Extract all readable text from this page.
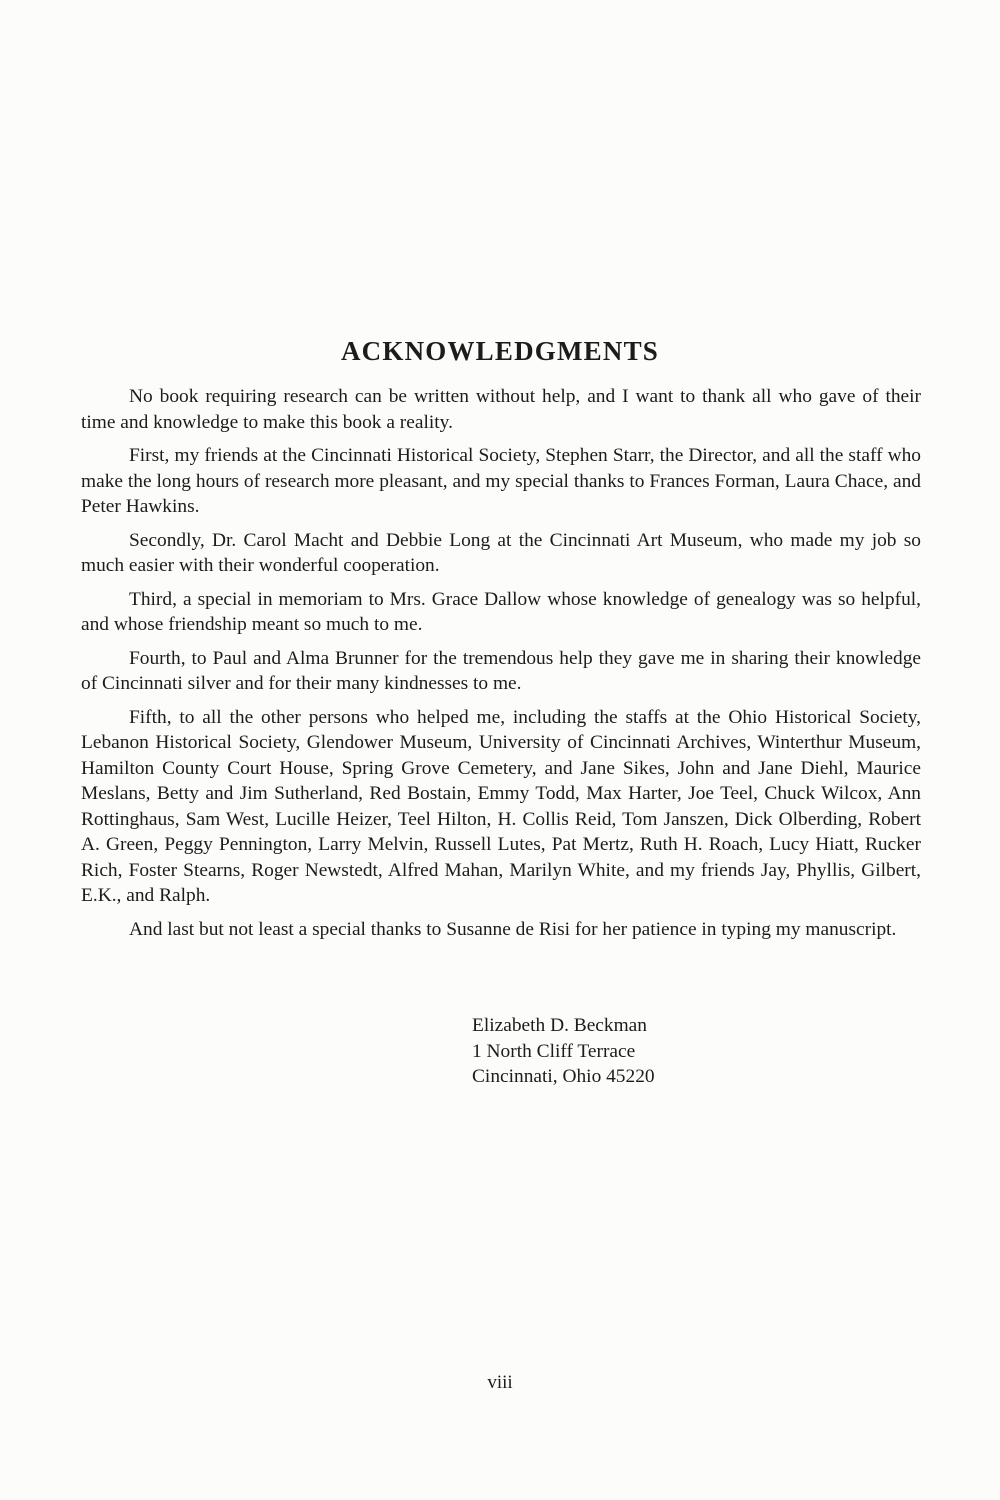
ACKNOWLEDGMENTS

No book requiring research can be written without help, and I want to thank all who gave of their time and knowledge to make this book a reality.

First, my friends at the Cincinnati Historical Society, Stephen Starr, the Director, and all the staff who make the long hours of research more pleasant, and my special thanks to Frances Forman, Laura Chace, and Peter Hawkins.

Secondly, Dr. Carol Macht and Debbie Long at the Cincinnati Art Museum, who made my job so much easier with their wonderful cooperation.

Third, a special in memoriam to Mrs. Grace Dallow whose knowledge of genealogy was so helpful, and whose friendship meant so much to me.

Fourth, to Paul and Alma Brunner for the tremendous help they gave me in sharing their knowledge of Cincinnati silver and for their many kindnesses to me.

Fifth, to all the other persons who helped me, including the staffs at the Ohio Historical Society, Lebanon Historical Society, Glendower Museum, University of Cincinnati Archives, Winterthur Museum, Hamilton County Court House, Spring Grove Cemetery, and Jane Sikes, John and Jane Diehl, Maurice Meslans, Betty and Jim Sutherland, Red Bostain, Emmy Todd, Max Harter, Joe Teel, Chuck Wilcox, Ann Rottinghaus, Sam West, Lucille Heizer, Teel Hilton, H. Collis Reid, Tom Janszen, Dick Olberding, Robert A. Green, Peggy Pennington, Larry Melvin, Russell Lutes, Pat Mertz, Ruth H. Roach, Lucy Hiatt, Rucker Rich, Foster Stearns, Roger Newstedt, Alfred Mahan, Marilyn White, and my friends Jay, Phyllis, Gilbert, E.K., and Ralph.

And last but not least a special thanks to Susanne de Risi for her patience in typing my manuscript.

Elizabeth D. Beckman
1 North Cliff Terrace
Cincinnati, Ohio 45220
viii
